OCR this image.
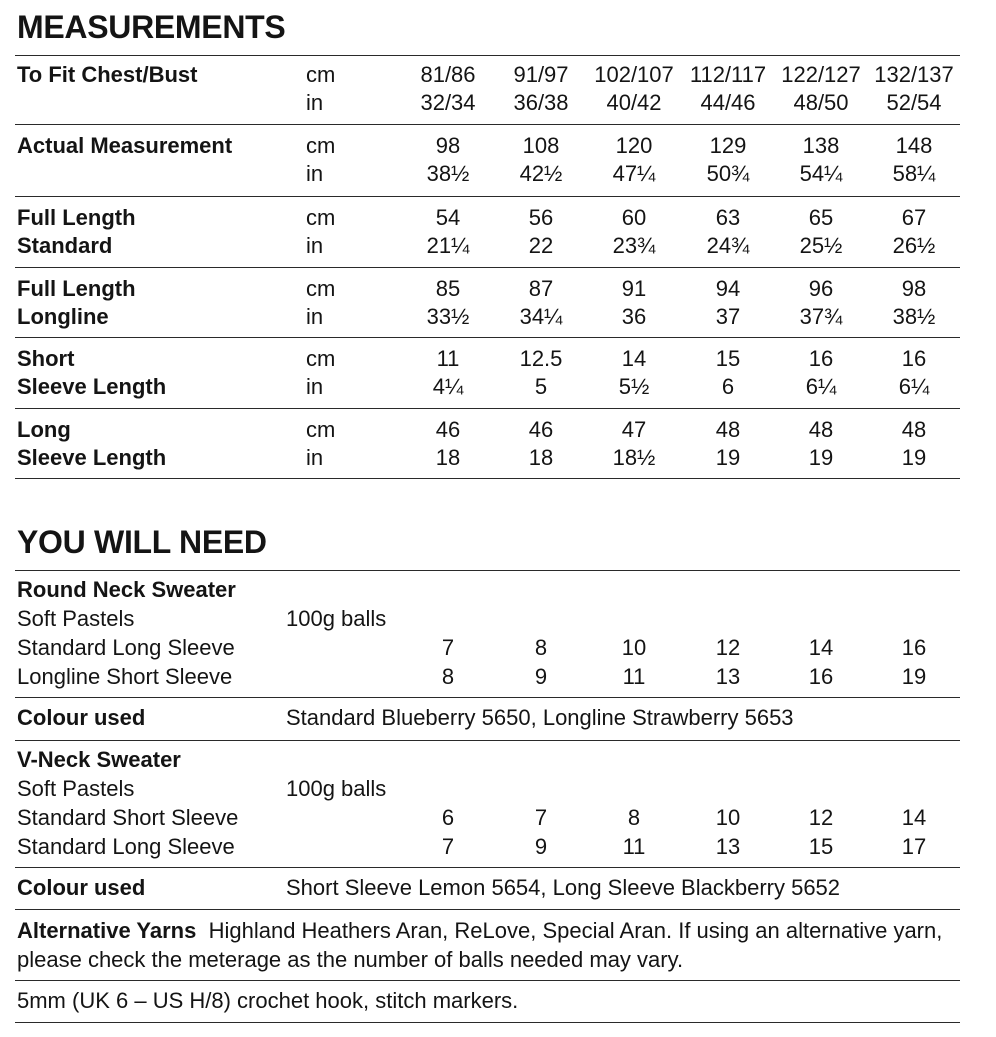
MEASUREMENTS
To Fit Chest/Bust	cm	81/86	91/97	102/107 112/117 122/127 132/137
in	32/34	36/38	40/42	44/46	48/50	52/54
Actual Measurement	cm	98	108	120	129	138	148
in	38½	42½	47¼	50¾	54¼	58¼
Full Length	cm	54	56	60	63	65	67
Standard	in	21¼	22	23¾	24¾	25½	26½
Full Length	cm	85	87	91	94	96	98
Longline	in	33½	34¼	36	37	37¾	38½
Short	cm	11	12.5	14	15	16	16
Sleeve Length	in	4¼	5	5½	6	6¼	6¼
Long	cm	46	46	47	48	48	48
Sleeve Length	in	18	18	18½	19	19	19
YOU WILL NEED
Round Neck Sweater
Soft Pastels	100g balls
Standard Long Sleeve	7	8	10	12	14	16
Longline Short Sleeve	8	9	11	13	16	19
Colour used	Standard Blueberry 5650, Longline Strawberry 5653
V-Neck Sweater
Soft Pastels	100g balls
Standard Short Sleeve	6	7	8	10	12	14
Standard Long Sleeve	7	9	11	13	15	17
Colour used	Short Sleeve Lemon 5654, Long Sleeve Blackberry 5652
Alternative Yarns Highland Heathers Aran, ReLove, Special Aran. If using an alternative yarn, please check the meterage as the number of balls needed may vary.
5mm (UK 6 – US H/8) crochet hook, stitch markers.
